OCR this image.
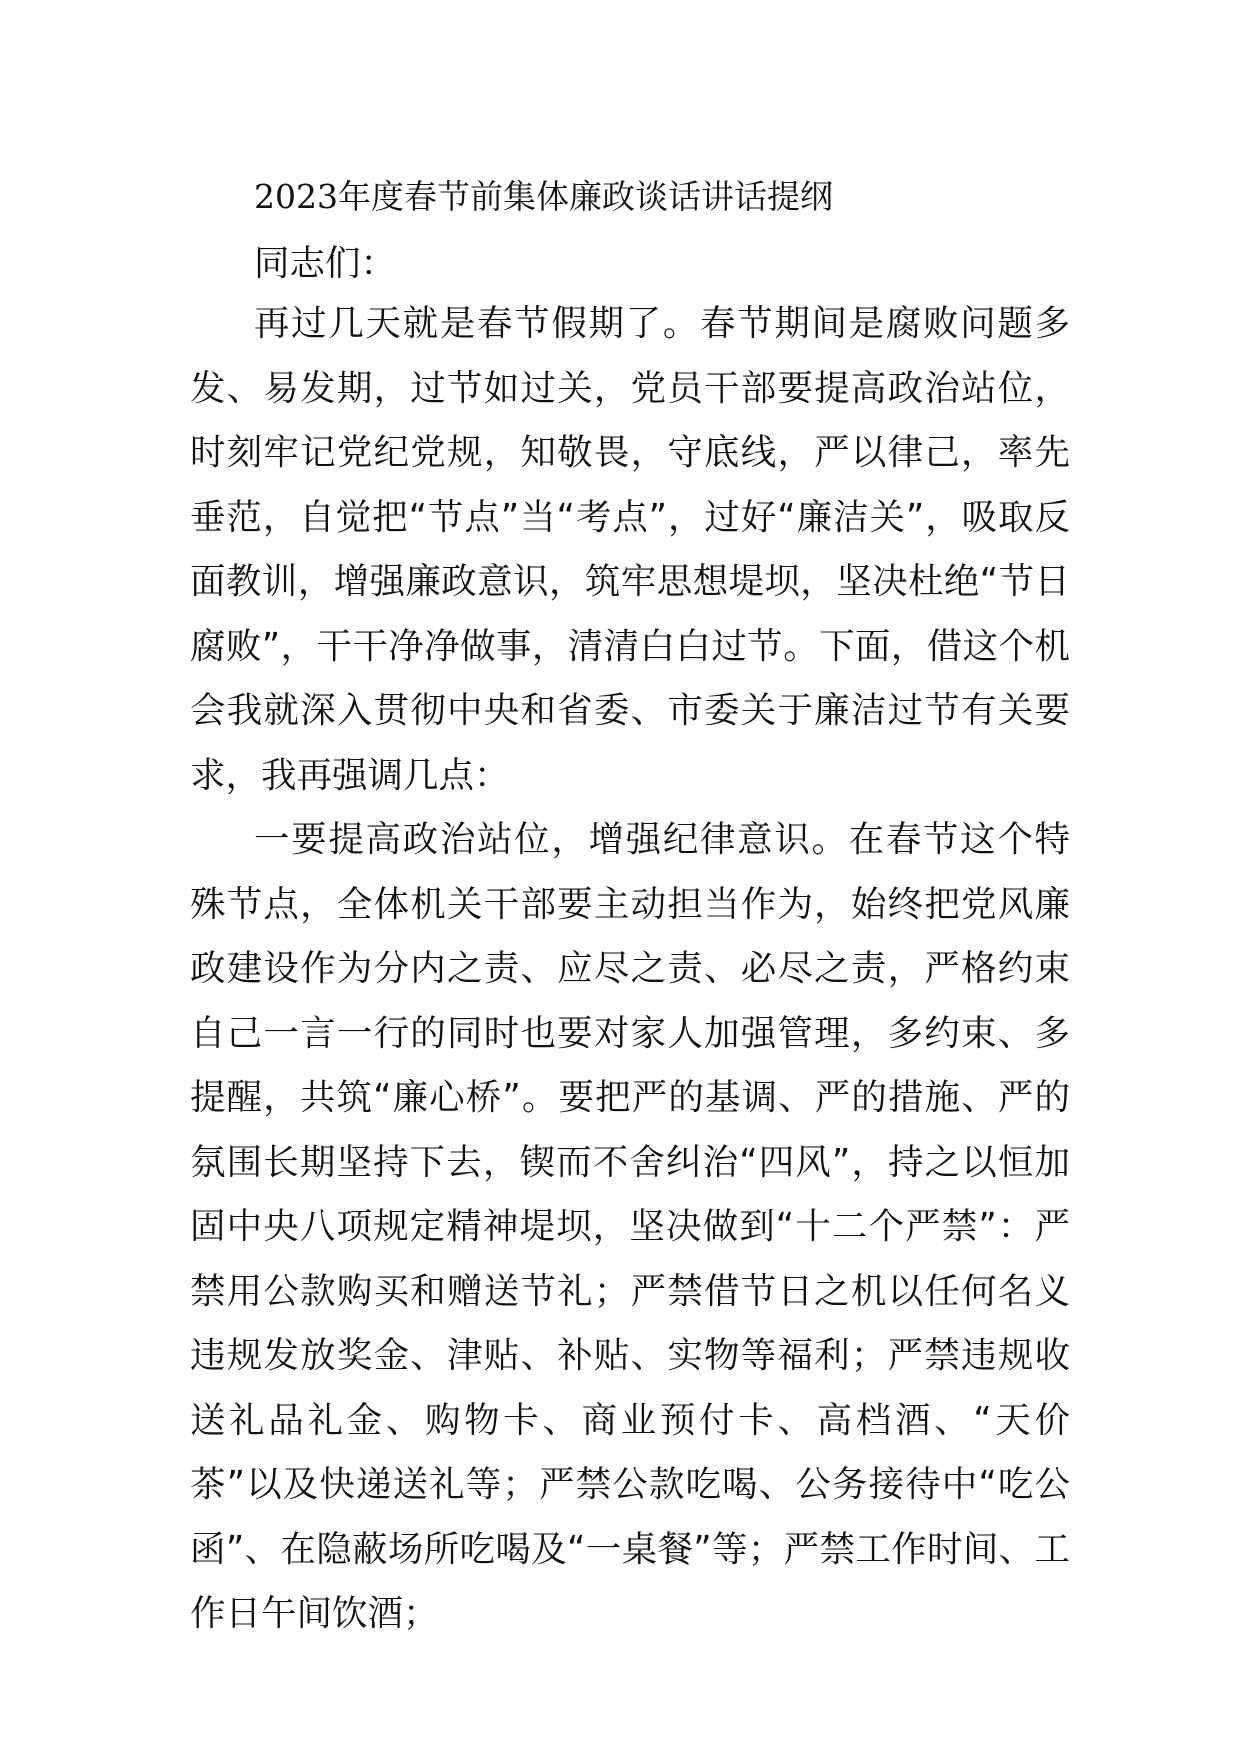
2023年度春节前集体廉政谈话讲话提纲

同志们：

再过几天就是春节假期了。春节期间是腐败问题多发、易发期，过节如过关，党员干部要提高政治站位，时刻牢记党纪党规，知敬畏，守底线，严以律己，率先垂范，自觉把“节点”当“考点”，过好“廉洁关”，吸取反面教训，增强廉政意识，筑牢思想堤坝，坚决杜绝“节日腐败”，干干净净做事，清清白白过节。下面，借这个机会我就深入贯彻中央和省委、市委关于廉洁过节有关要求，我再强调几点：

一要提高政治站位，增强纪律意识。在春节这个特殊节点，全体机关干部要主动担当作为，始终把党风廉政建设作为分内之责、应尽之责、必尽之责，严格约束自己一言一行的同时也要对家人加强管理，多约束、多提醒，共筑“廉心桥”。要把严的基调、严的措施、严的氛围长期坚持下去，锲而不舍纠治“四风”，持之以恒加固中央八项规定精神堤坝，坚决做到“十二个严禁”：严禁用公款购买和赠送节礼；严禁借节日之机以任何名义违规发放奖金、津贴、补贴、实物等福利；严禁违规收送礼品礼金、购物卡、商业预付卡、高档酒、“天价茶”以及快递送礼等；严禁公款吃喝、公务接待中“吃公函”、在隐蔽场所吃喝及“一桌餐”等；严禁工作时间、工作日午间饮酒；
